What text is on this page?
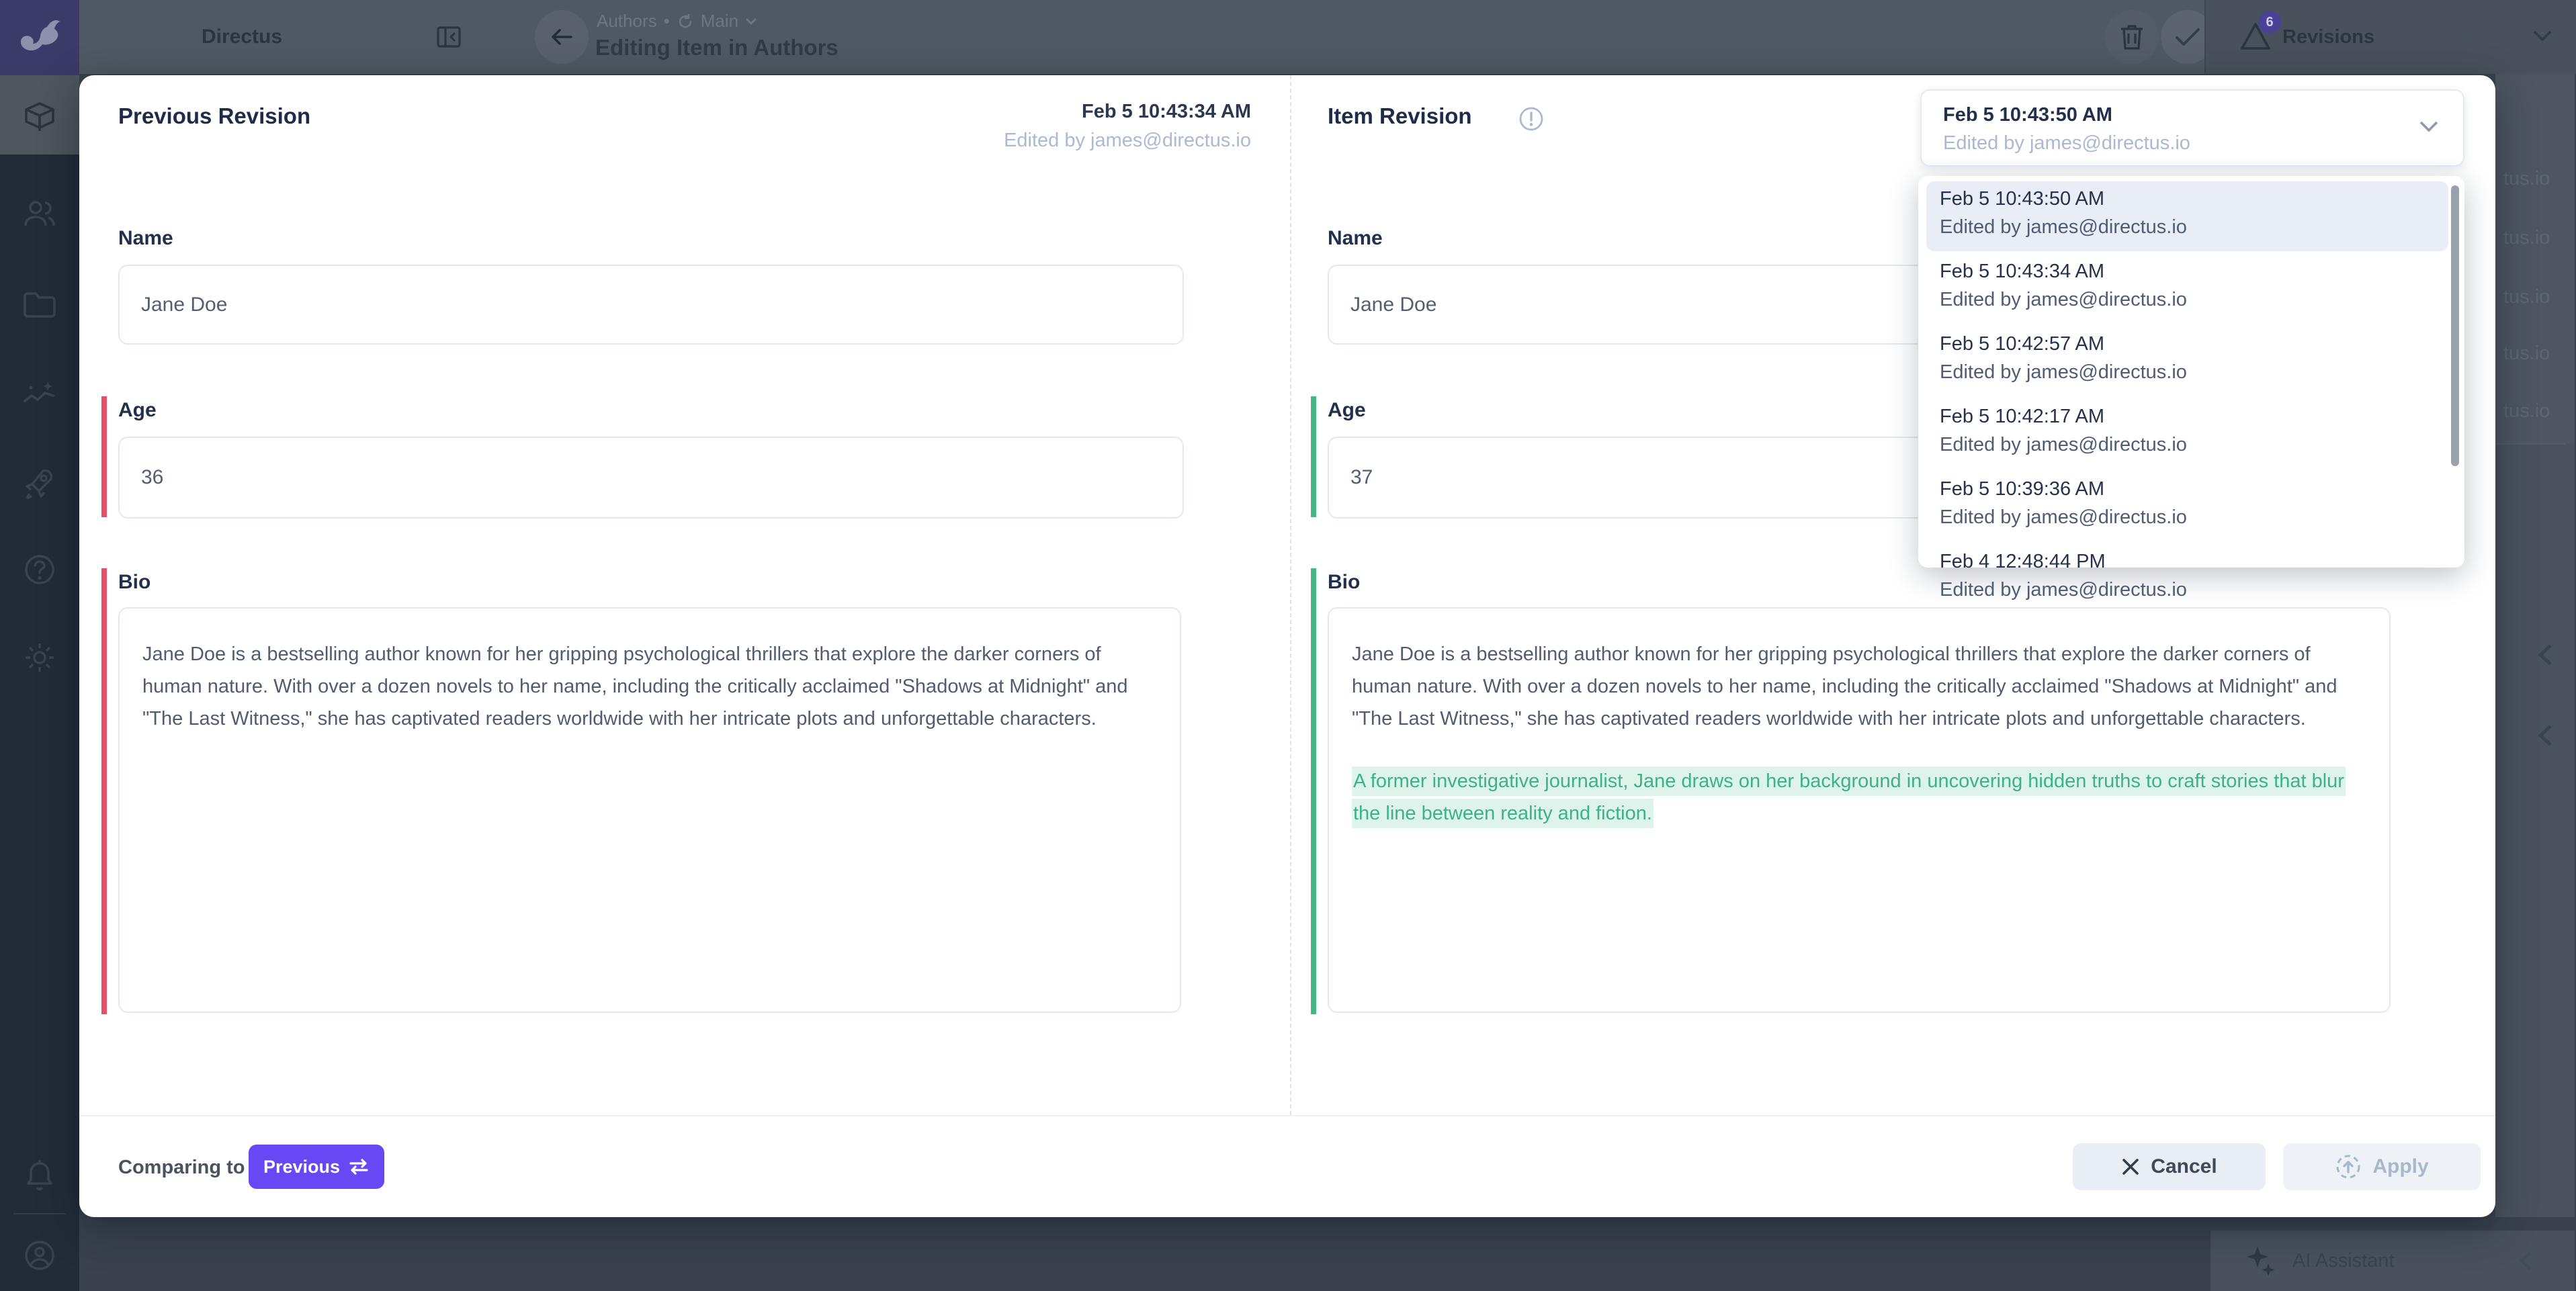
Directus
Authors • Main
Editing Item in Authors
6
Revisions
tus.io
tus.io
tus.io
tus.io
tus.io
AI Assistant
Previous Revision	Feb 5 10:43:34 AM
Edited by james@directus.io
Item Revision
Name
Jane Doe
Age
36
Bio

Jane Doe is a bestselling author known for her gripping psychological thrillers that explore the darker corners of human nature. With over a dozen novels to her name, including the critically acclaimed "Shadows at Midnight" and "The Last Witness," she has captivated readers worldwide with her intricate plots and unforgettable characters.

Name
Jane Doe
Age
37
Bio

Jane Doe is a bestselling author known for her gripping psychological thrillers that explore the darker corners of human nature. With over a dozen novels to her name, including the critically acclaimed "Shadows at Midnight" and "The Last Witness," she has captivated readers worldwide with her intricate plots and unforgettable characters.

A former investigative journalist, Jane draws on her background in uncovering hidden truths to craft stories that blur the line between reality and fiction.

Comparing to Previous	Cancel	Apply
Feb 5 10:43:50 AM
Edited by james@directus.io
Feb 5 10:43:50 AM
Edited by james@directus.io
Feb 5 10:43:34 AM
Edited by james@directus.io
Feb 5 10:42:57 AM
Edited by james@directus.io
Feb 5 10:42:17 AM
Edited by james@directus.io
Feb 5 10:39:36 AM
Edited by james@directus.io
Feb 4 12:48:44 PM
Edited by james@directus.io
